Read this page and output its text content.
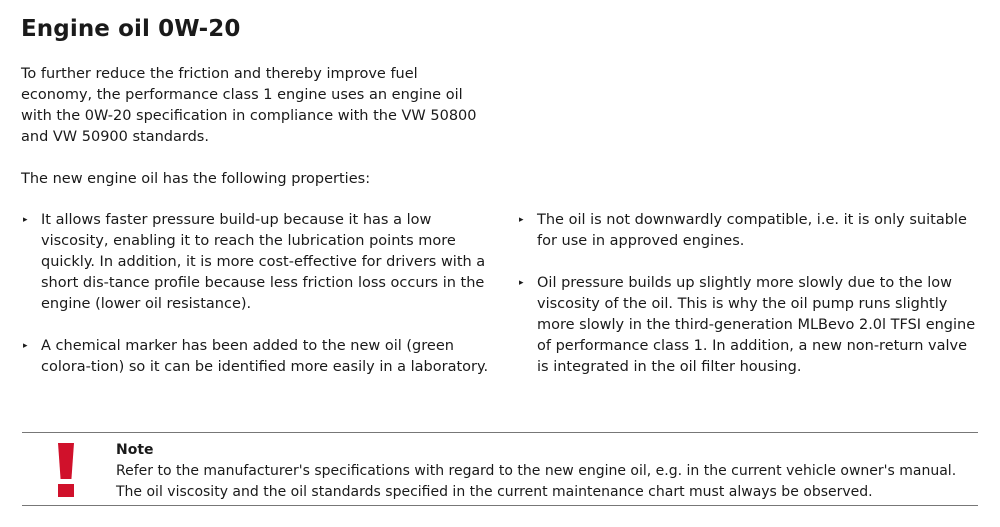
Engine oil 0W-20

To further reduce the friction and thereby improve fuel economy, the performance class 1 engine uses an engine oil with the 0W-20 specification in compliance with the VW 50800 and VW 50900 standards.

The new engine oil has the following properties:

▸ It allows faster pressure build-up because it has a low viscosity, enabling it to reach the lubrication points more quickly. In addition, it is more cost-effective for drivers with a short dis-tance profile because less friction loss occurs in the engine (lower oil resistance).
▸ A chemical marker has been added to the new oil (green colora-tion) so it can be identified more easily in a laboratory.
▸ The oil is not downwardly compatible, i.e. it is only suitable for use in approved engines.
▸ Oil pressure builds up slightly more slowly due to the low viscosity of the oil. This is why the oil pump runs slightly more slowly in the third-generation MLBevo 2.0l TFSI engine of performance class 1. In addition, a new non-return valve is integrated in the oil filter housing.

Note

Refer to the manufacturer's specifications with regard to the new engine oil, e.g. in the current vehicle owner's manual.

The oil viscosity and the oil standards specified in the current maintenance chart must always be observed.
